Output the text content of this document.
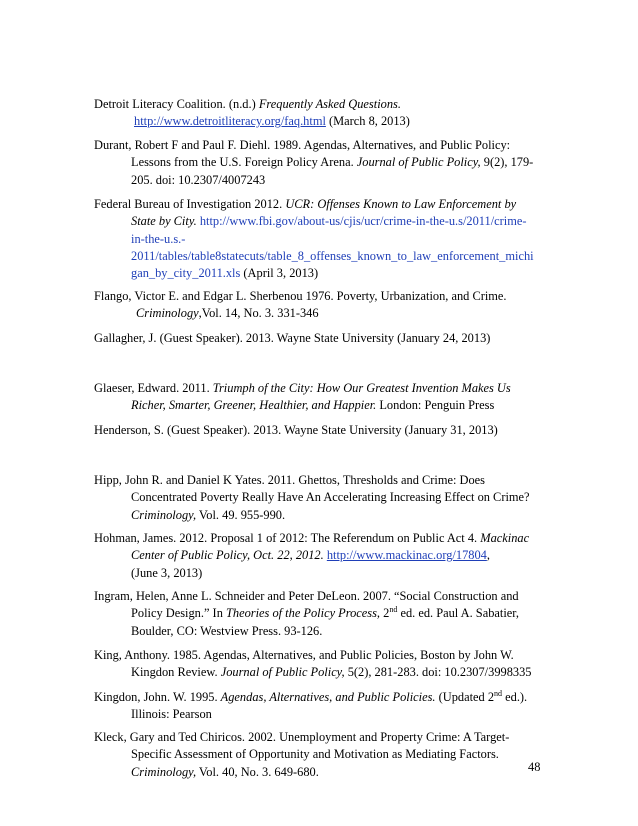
Detroit Literacy Coalition. (n.d.) Frequently Asked Questions.
http://www.detroitliteracy.org/faq.html (March 8, 2013)
Durant, Robert F and Paul F. Diehl. 1989. Agendas, Alternatives, and Public Policy:
Lessons from the U.S. Foreign Policy Arena. Journal of Public Policy, 9(2), 179-
205. doi: 10.2307/4007243
Federal Bureau of Investigation 2012. UCR: Offenses Known to Law Enforcement by
State by City. http://www.fbi.gov/about-us/cjis/ucr/crime-in-the-u.s/2011/crime-
in-the-u.s.-
2011/tables/table8statecuts/table_8_offenses_known_to_law_enforcement_michi
gan_by_city_2011.xls (April 3, 2013)
Flango, Victor E. and Edgar L. Sherbenou 1976. Poverty, Urbanization, and Crime.
Criminology,Vol. 14, No. 3. 331-346
Gallagher, J. (Guest Speaker). 2013. Wayne State University (January 24, 2013)
Glaeser, Edward. 2011. Triumph of the City: How Our Greatest Invention Makes Us
Richer, Smarter, Greener, Healthier, and Happier. London: Penguin Press
Henderson, S. (Guest Speaker). 2013. Wayne State University (January 31, 2013)
Hipp, John R. and Daniel K Yates. 2011. Ghettos, Thresholds and Crime: Does
Concentrated Poverty Really Have An Accelerating Increasing Effect on Crime?
Criminology, Vol. 49. 955-990.
Hohman, James. 2012. Proposal 1 of 2012: The Referendum on Public Act 4. Mackinac
Center of Public Policy, Oct. 22, 2012. http://www.mackinac.org/17804,
(June 3, 2013)
Ingram, Helen, Anne L. Schneider and Peter DeLeon. 2007. “Social Construction and
Policy Design.” In Theories of the Policy Process, 2nd ed. ed. Paul A. Sabatier,
Boulder, CO: Westview Press. 93-126.
King, Anthony. 1985. Agendas, Alternatives, and Public Policies, Boston by John W.
Kingdon Review. Journal of Public Policy, 5(2), 281-283. doi: 10.2307/3998335
Kingdon, John. W. 1995. Agendas, Alternatives, and Public Policies. (Updated 2nd ed.).
Illinois: Pearson
Kleck, Gary and Ted Chiricos. 2002. Unemployment and Property Crime: A Target-
Specific Assessment of Opportunity and Motivation as Mediating Factors.
Criminology, Vol. 40, No. 3. 649-680.	48
